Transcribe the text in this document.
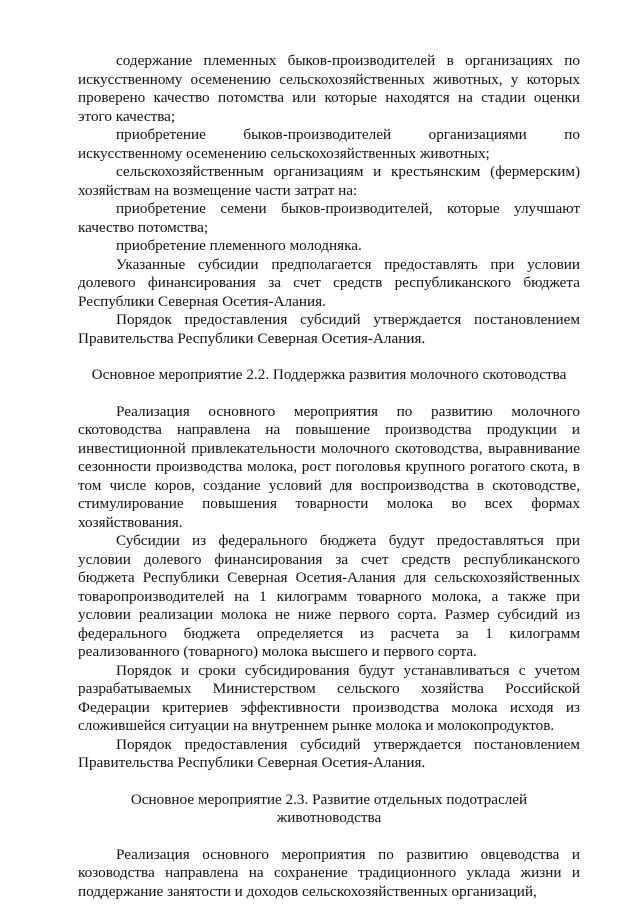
содержание племенных быков-производителей в организациях по искусственному осеменению сельскохозяйственных животных, у которых проверено качество потомства или которые находятся на стадии оценки этого качества;

приобретение быков-производителей организациями по искусственному осеменению сельскохозяйственных животных;

сельскохозяйственным организациям и крестьянским (фермерским) хозяйствам на возмещение части затрат на:

приобретение семени быков-производителей, которые улучшают качество потомства;

приобретение племенного молодняка.

Указанные субсидии предполагается предоставлять при условии долевого финансирования за счет средств республиканского бюджета Республики Северная Осетия-Алания.

Порядок предоставления субсидий утверждается постановлением Правительства Республики Северная Осетия-Алания.

Основное мероприятие 2.2. Поддержка развития молочного скотоводства

Реализация основного мероприятия по развитию молочного скотоводства направлена на повышение производства продукции и инвестиционной привлекательности молочного скотоводства, выравнивание сезонности производства молока, рост поголовья крупного рогатого скота, в том числе коров, создание условий для воспроизводства в скотоводстве, стимулирование повышения товарности молока во всех формах хозяйствования.

Субсидии из федерального бюджета будут предоставляться при условии долевого финансирования за счет средств республиканского бюджета Республики Северная Осетия-Алания для сельскохозяйственных товаропроизводителей на 1 килограмм товарного молока, а также при условии реализации молока не ниже первого сорта. Размер субсидий из федерального бюджета определяется из расчета за 1 килограмм реализованного (товарного) молока высшего и первого сорта.

Порядок и сроки субсидирования будут устанавливаться с учетом разрабатываемых Министерством сельского хозяйства Российской Федерации критериев эффективности производства молока исходя из сложившейся ситуации на внутреннем рынке молока и молокопродуктов.

Порядок предоставления субсидий утверждается постановлением Правительства Республики Северная Осетия-Алания.

Основное мероприятие 2.3. Развитие отдельных подотраслей животноводства

Реализация основного мероприятия по развитию овцеводства и козоводства направлена на сохранение традиционного уклада жизни и поддержание занятости и доходов сельскохозяйственных организаций,
